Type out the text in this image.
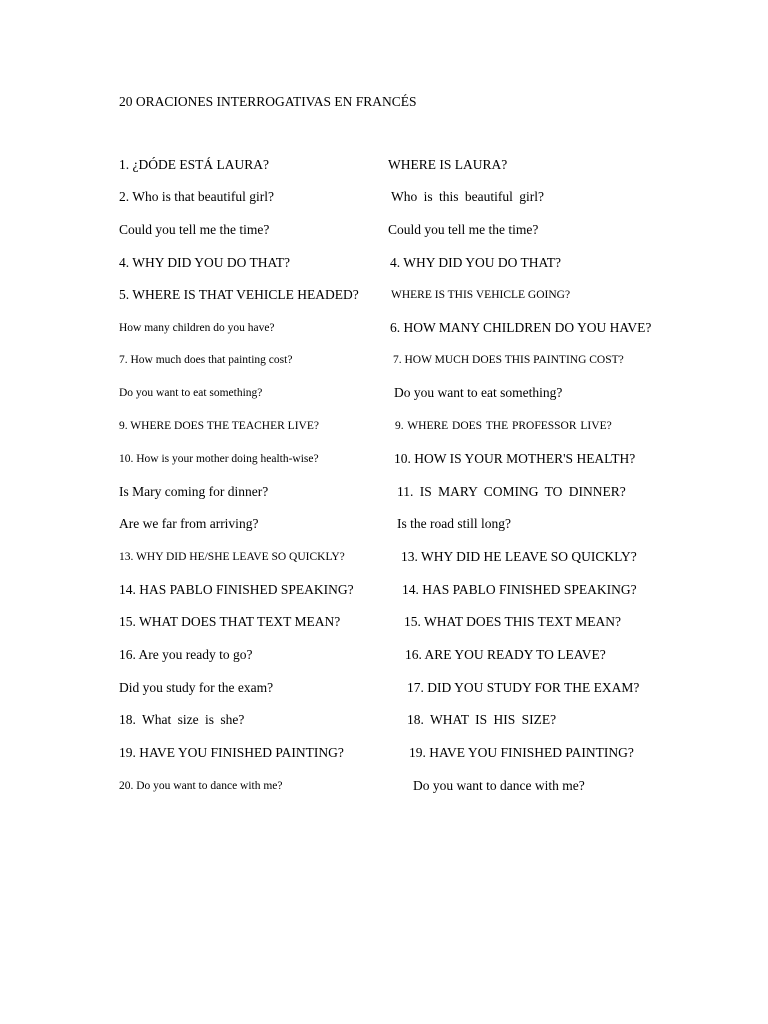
20 ORACIONES INTERROGATIVAS EN FRANCÉS
1. ¿DÓDE ESTÁ LAURA?	WHERE IS LAURA?
2. Who is that beautiful girl?	Who is this beautiful girl?
Could you tell me the time?	Could you tell me the time?
4. WHY DID YOU DO THAT?	4. WHY DID YOU DO THAT?
5. WHERE IS THAT VEHICLE HEADED?	WHERE IS THIS VEHICLE GOING?
How many children do you have?	6. HOW MANY CHILDREN DO YOU HAVE?
7. How much does that painting cost?	7. HOW MUCH DOES THIS PAINTING COST?
Do you want to eat something?	Do you want to eat something?
9. WHERE DOES THE TEACHER LIVE?	9. WHERE DOES THE PROFESSOR LIVE?
10. How is your mother doing health-wise?	10. HOW IS YOUR MOTHER'S HEALTH?
Is Mary coming for dinner?	11. IS MARY COMING TO DINNER?
Are we far from arriving?	Is the road still long?
13. WHY DID HE/SHE LEAVE SO QUICKLY?	13. WHY DID HE LEAVE SO QUICKLY?
14. HAS PABLO FINISHED SPEAKING?	14. HAS PABLO FINISHED SPEAKING?
15. WHAT DOES THAT TEXT MEAN?	15. WHAT DOES THIS TEXT MEAN?
16. Are you ready to go?	16. ARE YOU READY TO LEAVE?
Did you study for the exam?	17. DID YOU STUDY FOR THE EXAM?
18. What size is she?	18. WHAT IS HIS SIZE?
19. HAVE YOU FINISHED PAINTING?	19. HAVE YOU FINISHED PAINTING?
20. Do you want to dance with me?	Do you want to dance with me?
